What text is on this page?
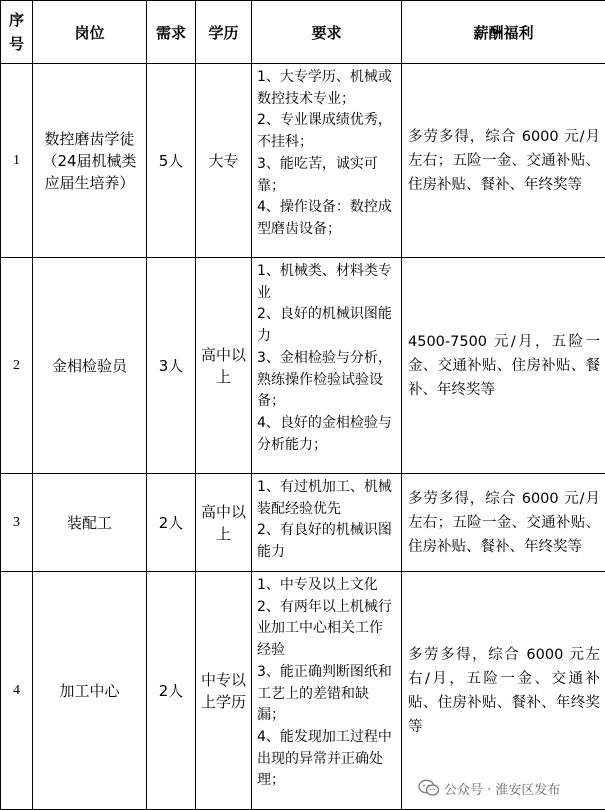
序号	岗位	需求	学历	要求	薪酬福利
1	数控磨齿学徒（24届机械类应届生培养）	5人	大专	1、大专学历、机械或数控技术专业；
2、专业课成绩优秀，不挂科；
3、能吃苦，诚实可靠；
4、操作设备：数控成型磨齿设备；	多劳多得，综合 6000 元/月左右；五险一金、交通补贴、住房补贴、餐补、年终奖等
2	金相检验员	3人	高中以上	1、机械类、材料类专业
2、良好的机械识图能力
3、金相检验与分析，熟练操作检验试验设备；
4、良好的金相检验与分析能力；	4500-7500 元/月，五险一金、交通补贴、住房补贴、餐补、年终奖等
3	装配工	2人	高中以上	1、有过机加工、机械装配经验优先
2、有良好的机械识图能力	多劳多得，综合 6000 元/月左右；五险一金、交通补贴、住房补贴、餐补、年终奖等
4	加工中心	2人	中专以上学历	1、中专及以上文化
2、有两年以上机械行业加工中心相关工作经验
3、能正确判断图纸和工艺上的差错和缺漏；
4、能发现加工过程中出现的异常并正确处理；	多劳多得，综合 6000 元左右/月，五险一金、交通补贴、住房补贴、餐补、年终奖等
公众号 · 淮安区发布
